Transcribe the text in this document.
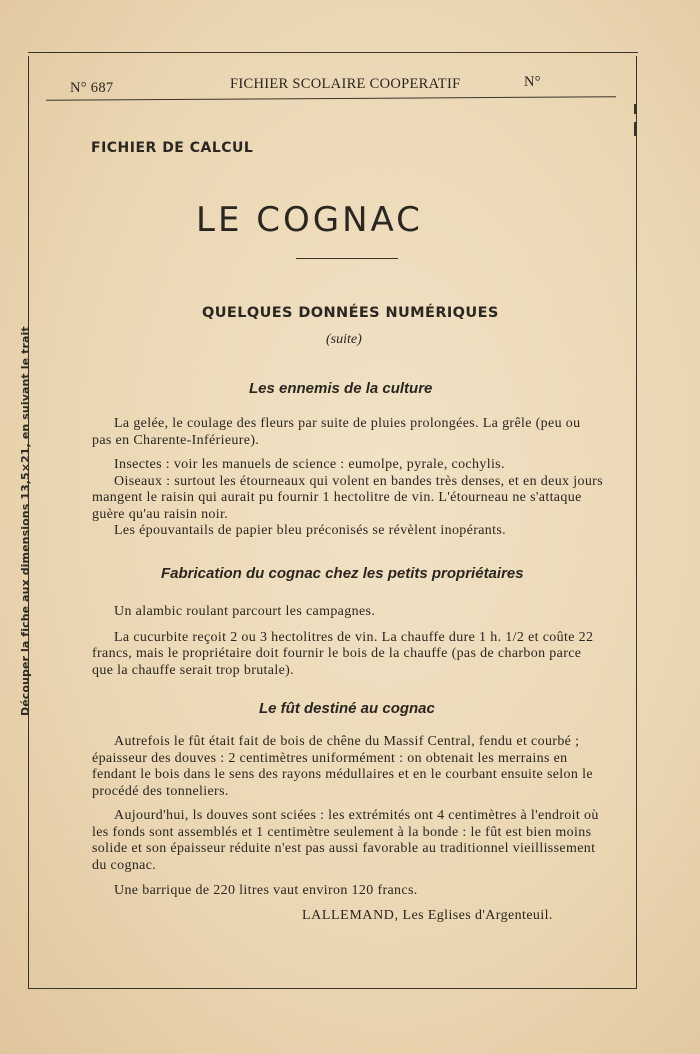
Découper la fiche aux dimensions 13,5×21, en suivant le trait
N° 687	FICHIER SCOLAIRE COOPERATIF	N°
FICHIER DE CALCUL
LE COGNAC
QUELQUES DONNÉES NUMÉRIQUES
(suite)
Les ennemis de la culture

La gelée, le coulage des fleurs par suite de pluies prolongées. La grêle (peu ou pas en Charente-Inférieure).

Insectes : voir les manuels de science : eumolpe, pyrale, cochylis.

Oiseaux : surtout les étourneaux qui volent en bandes très denses, et en deux jours mangent le raisin qui aurait pu fournir 1 hectolitre de vin. L'étourneau ne s'attaque guère qu'au raisin noir.

Les épouvantails de papier bleu préconisés se révèlent inopérants.

Fabrication du cognac chez les petits propriétaires

Un alambic roulant parcourt les campagnes.

La cucurbite reçoit 2 ou 3 hectolitres de vin. La chauffe dure 1 h. 1/2 et coûte 22 francs, mais le propriétaire doit fournir le bois de la chauffe (pas de charbon parce que la chauffe serait trop brutale).

Le fût destiné au cognac

Autrefois le fût était fait de bois de chêne du Massif Central, fendu et courbé ; épaisseur des douves : 2 centimètres uniformément : on obtenait les merrains en fendant le bois dans le sens des rayons médullaires et en le courbant ensuite selon le procédé des tonneliers.

Aujourd'hui, ls douves sont sciées : les extrémités ont 4 centimètres à l'endroit où les fonds sont assemblés et 1 centimètre seulement à la bonde : le fût est bien moins solide et son épaisseur réduite n'est pas aussi favorable au traditionnel vieillissement du cognac.

Une barrique de 220 litres vaut environ 120 francs.

LALLEMAND, Les Eglises d'Argenteuil.
